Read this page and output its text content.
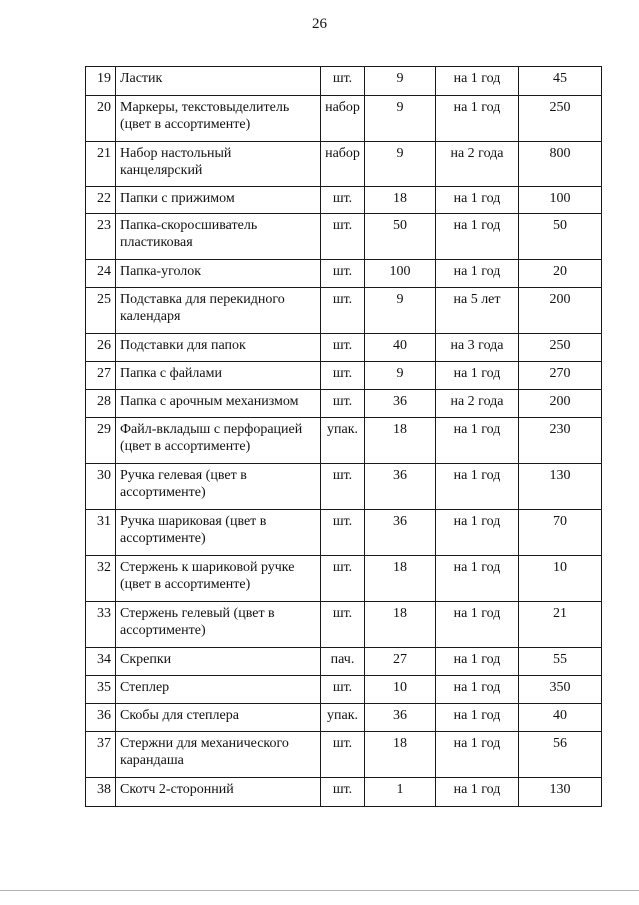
26
19	Ластик	шт.	9	на 1 год	45
20	Маркеры, текстовыделитель (цвет в ассортименте)	набор	9	на 1 год	250
21	Набор настольный канцелярский	набор	9	на 2 года	800
22	Папки с прижимом	шт.	18	на 1 год	100
23	Папка-скоросшиватель пластиковая	шт.	50	на 1 год	50
24	Папка-уголок	шт.	100	на 1 год	20
25	Подставка для перекидного календаря	шт.	9	на 5 лет	200
26	Подставки для папок	шт.	40	на 3 года	250
27	Папка с файлами	шт.	9	на 1 год	270
28	Папка с арочным механизмом	шт.	36	на 2 года	200
29	Файл-вкладыш с перфорацией (цвет в ассортименте)	упак.	18	на 1 год	230
30	Ручка гелевая (цвет в ассортименте)	шт.	36	на 1 год	130
31	Ручка шариковая (цвет в ассортименте)	шт.	36	на 1 год	70
32	Стержень к шариковой ручке (цвет в ассортименте)	шт.	18	на 1 год	10
33	Стержень гелевый (цвет в ассортименте)	шт.	18	на 1 год	21
34	Скрепки	пач.	27	на 1 год	55
35	Степлер	шт.	10	на 1 год	350
36	Скобы для степлера	упак.	36	на 1 год	40
37	Стержни для механического карандаша	шт.	18	на 1 год	56
38	Скотч 2-сторонний	шт.	1	на 1 год	130
